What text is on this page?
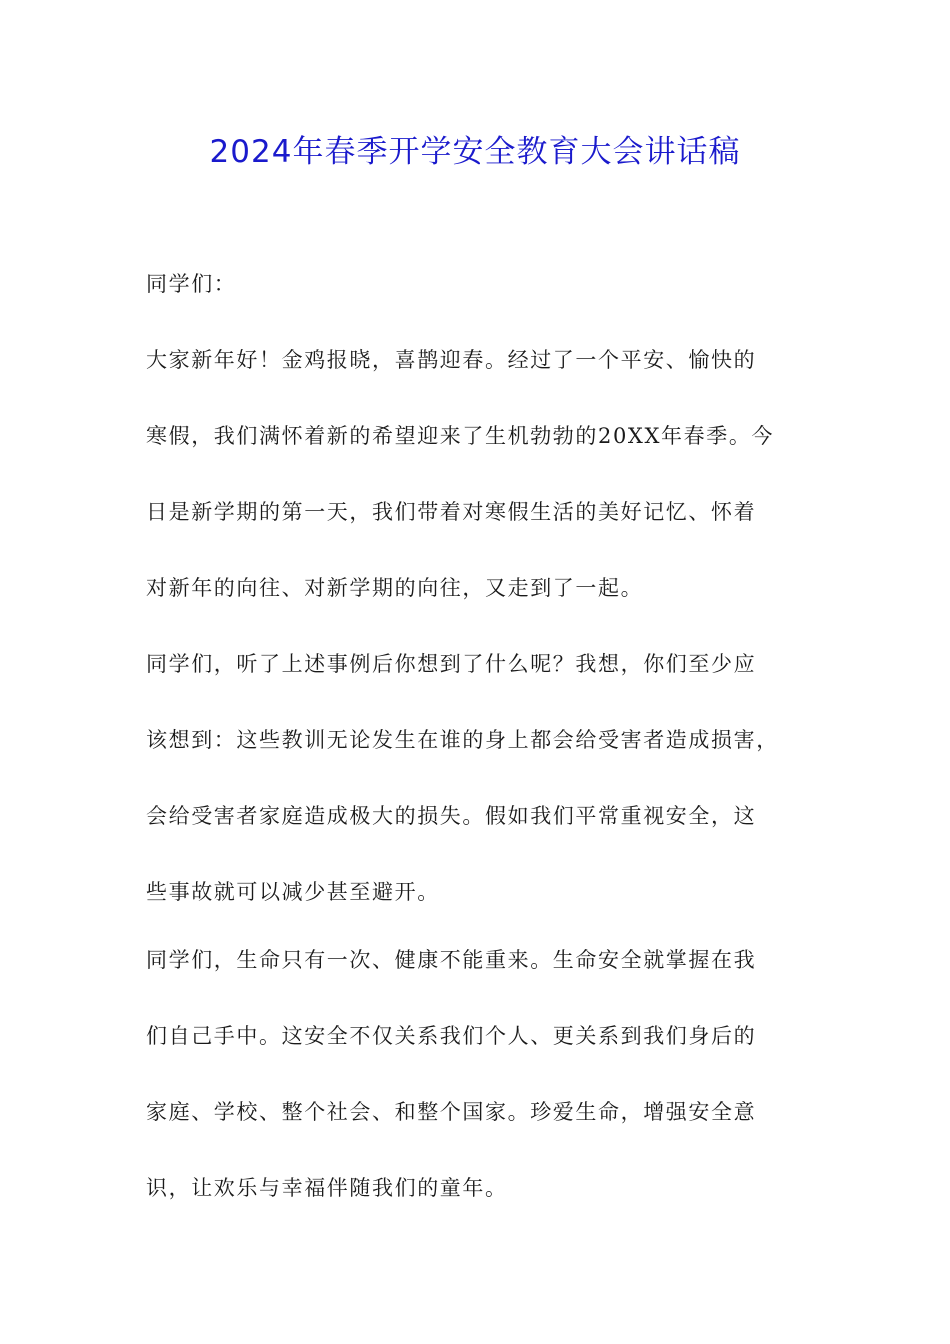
2024年春季开学安全教育大会讲话稿
同学们：
大家新年好！金鸡报晓，喜鹊迎春。经过了一个平安、愉快的
寒假，我们满怀着新的希望迎来了生机勃勃的20XX年春季。今
日是新学期的第一天，我们带着对寒假生活的美好记忆、怀着
对新年的向往、对新学期的向往，又走到了一起。
同学们，听了上述事例后你想到了什么呢？我想，你们至少应
该想到：这些教训无论发生在谁的身上都会给受害者造成损害，
会给受害者家庭造成极大的损失。假如我们平常重视安全，这
些事故就可以减少甚至避开。
同学们，生命只有一次、健康不能重来。生命安全就掌握在我
们自己手中。这安全不仅关系我们个人、更关系到我们身后的
家庭、学校、整个社会、和整个国家。珍爱生命，增强安全意
识，让欢乐与幸福伴随我们的童年。
